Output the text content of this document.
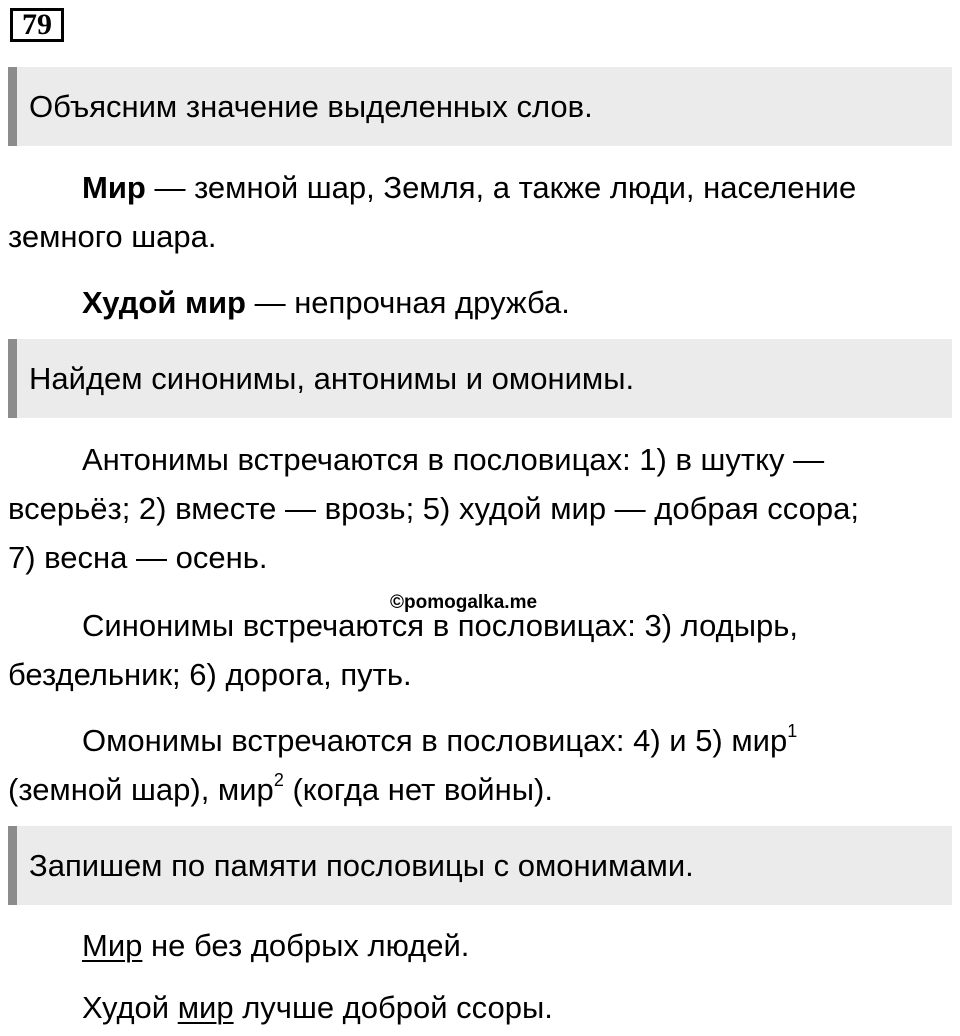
79
Объясним значение выделенных слов.

Мир — земной шар, Земля, а также люди, население

земного шара.

Худой мир — непрочная дружба.

Найдем синонимы, антонимы и омонимы.

Антонимы встречаются в пословицах: 1) в шутку —

всерьёз; 2) вместе — врозь; 5) худой мир — добрая ссора;

7) весна — осень.

Синонимы встречаются в пословицах: 3) лодырь,

бездельник; 6) дорога, путь.

Омонимы встречаются в пословицах: 4) и 5) мир$^1$

(земной шар), мир$^2$ (когда нет войны).

Запишем по памяти пословицы с омонимами.

Мир не без добрых людей.

Худой мир лучше доброй ссоры.

©pomogalka.me
